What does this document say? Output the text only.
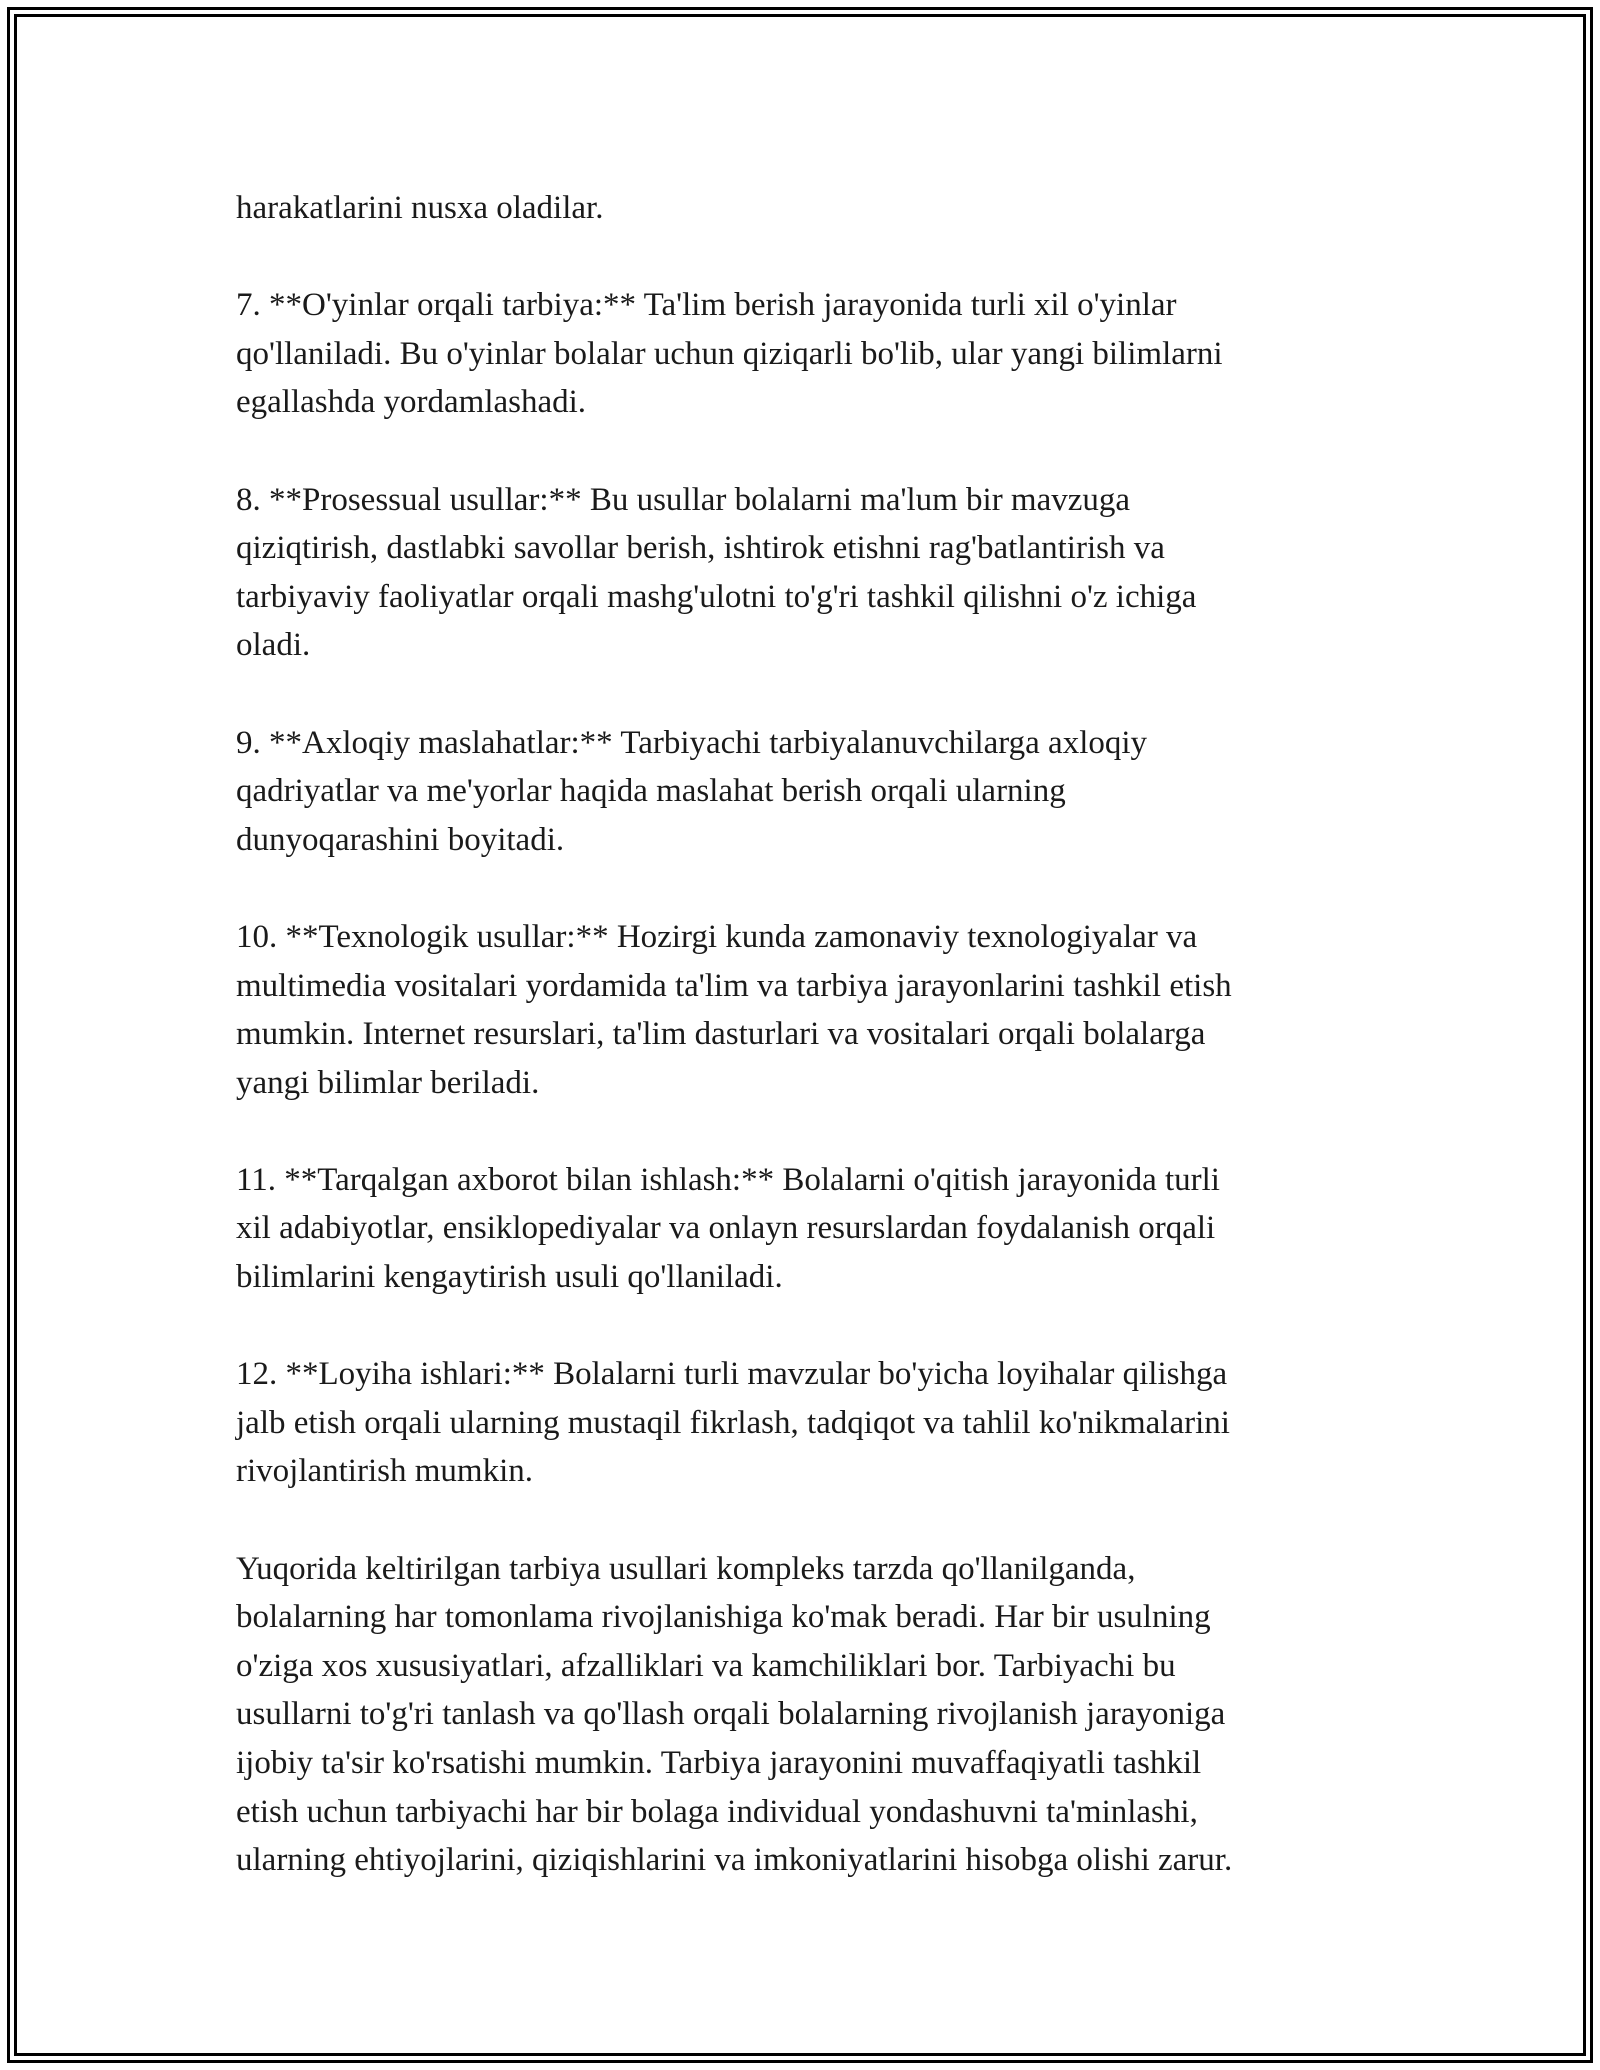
harakatlarini nusxa oladilar.

7. **O'yinlar orqali tarbiya:** Ta'lim berish jarayonida turli xil o'yinlar
qo'llaniladi. Bu o'yinlar bolalar uchun qiziqarli bo'lib, ular yangi bilimlarni
egallashda yordamlashadi.

8. **Prosessual usullar:** Bu usullar bolalarni ma'lum bir mavzuga
qiziqtirish, dastlabki savollar berish, ishtirok etishni rag'batlantirish va
tarbiyaviy faoliyatlar orqali mashg'ulotni to'g'ri tashkil qilishni o'z ichiga
oladi.

9. **Axloqiy maslahatlar:** Tarbiyachi tarbiyalanuvchilarga axloqiy
qadriyatlar va me'yorlar haqida maslahat berish orqali ularning
dunyoqarashini boyitadi.

10. **Texnologik usullar:** Hozirgi kunda zamonaviy texnologiyalar va
multimedia vositalari yordamida ta'lim va tarbiya jarayonlarini tashkil etish
mumkin. Internet resurslari, ta'lim dasturlari va vositalari orqali bolalarga
yangi bilimlar beriladi.

11. **Tarqalgan axborot bilan ishlash:** Bolalarni o'qitish jarayonida turli
xil adabiyotlar, ensiklopediyalar va onlayn resurslardan foydalanish orqali
bilimlarini kengaytirish usuli qo'llaniladi.

12. **Loyiha ishlari:** Bolalarni turli mavzular bo'yicha loyihalar qilishga
jalb etish orqali ularning mustaqil fikrlash, tadqiqot va tahlil ko'nikmalarini
rivojlantirish mumkin.

Yuqorida keltirilgan tarbiya usullari kompleks tarzda qo'llanilganda,
bolalarning har tomonlama rivojlanishiga ko'mak beradi. Har bir usulning
o'ziga xos xususiyatlari, afzalliklari va kamchiliklari bor. Tarbiyachi bu
usullarni to'g'ri tanlash va qo'llash orqali bolalarning rivojlanish jarayoniga
ijobiy ta'sir ko'rsatishi mumkin. Tarbiya jarayonini muvaffaqiyatli tashkil
etish uchun tarbiyachi har bir bolaga individual yondashuvni ta'minlashi,
ularning ehtiyojlarini, qiziqishlarini va imkoniyatlarini hisobga olishi zarur.
